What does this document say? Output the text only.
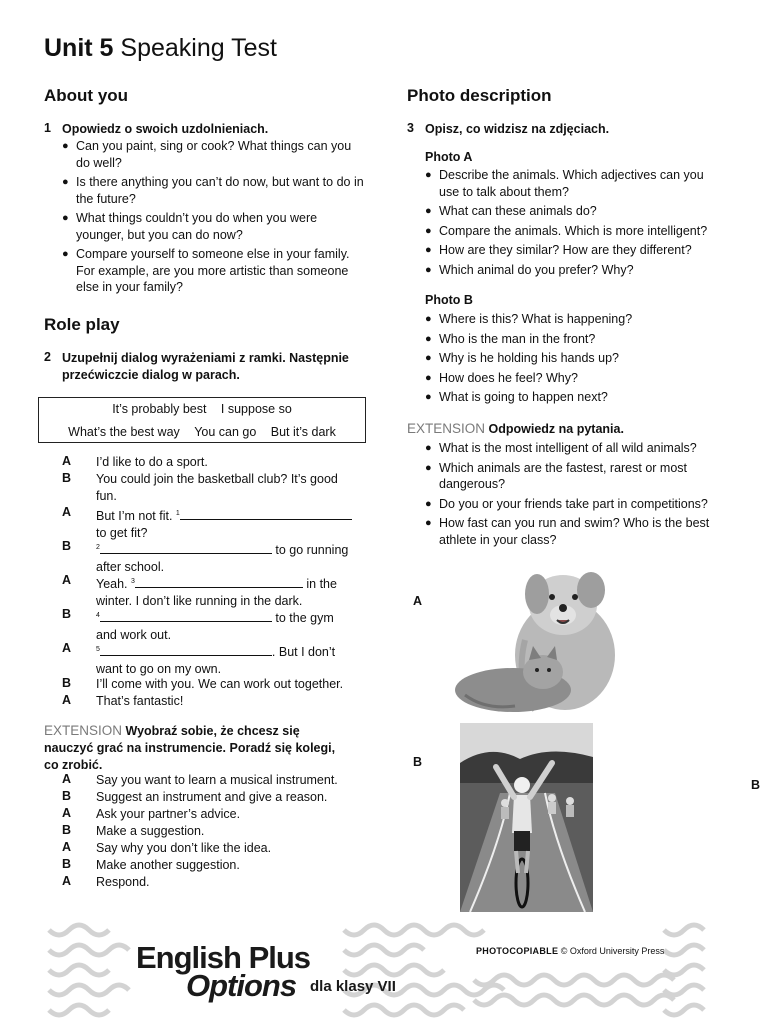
Unit 5 Speaking Test
About you
1 Opowiedz o swoich uzdolnieniach.
● Can you paint, sing or cook? What things can you do well?
● Is there anything you can’t do now, but want to do in the future?
● What things couldn’t you do when you were younger, but you can do now?
● Compare yourself to someone else in your family. For example, are you more artistic than someone else in your family?
Role play
2 Uzupełnij dialog wyrażeniami z ramki. Następnie przećwiczcie dialog w parach.
It’s probably best I suppose so
What’s the best way You can go But it’s dark
A I’d like to do a sport.
B You could join the basketball club? It’s good
fun.
A But I’m not fit. $^1$
to get fit?
B	$^2$	to go running
after school.
A Yeah. $^3$	in the
winter. I don’t like running in the dark.
B	$^4$	to the gym
and work out.
A	$^5$	. But I don’t
want to go on my own.
B I’ll come with you. We can work out together.
A That’s fantastic!
EXTENSION Wyobraź sobie, że chcesz się nauczyć grać na instrumencie. Poradź się kolegi, co zrobić.
A Say you want to learn a musical instrument.
B Suggest an instrument and give a reason.
A Ask your partner’s advice.
B Make a suggestion.
A Say why you don’t like the idea.
B Make another suggestion.
A Respond.
Photo description
3 Opisz, co widzisz na zdjęciach.
Photo A
● Describe the animals. Which adjectives can you use to talk about them?
● What can these animals do?
● Compare the animals. Which is more intelligent?
● How are they similar? How are they different?
● Which animal do you prefer? Why?
Photo B
● Where is this? What is happening?
● Who is the man in the front?
● Why is he holding his hands up?
● How does he feel? Why?
● What is going to happen next?
EXTENSION Odpowiedz na pytania.
● What is the most intelligent of all wild animals?
● Which animals are the fastest, rarest or most dangerous?
● Do you or your friends take part in competitions?
● How fast can you run and swim? Who is the best athlete in your class?
A
B
B
English Plus
Options dla klasy VII
PHOTOCOPIABLE © Oxford University Press
